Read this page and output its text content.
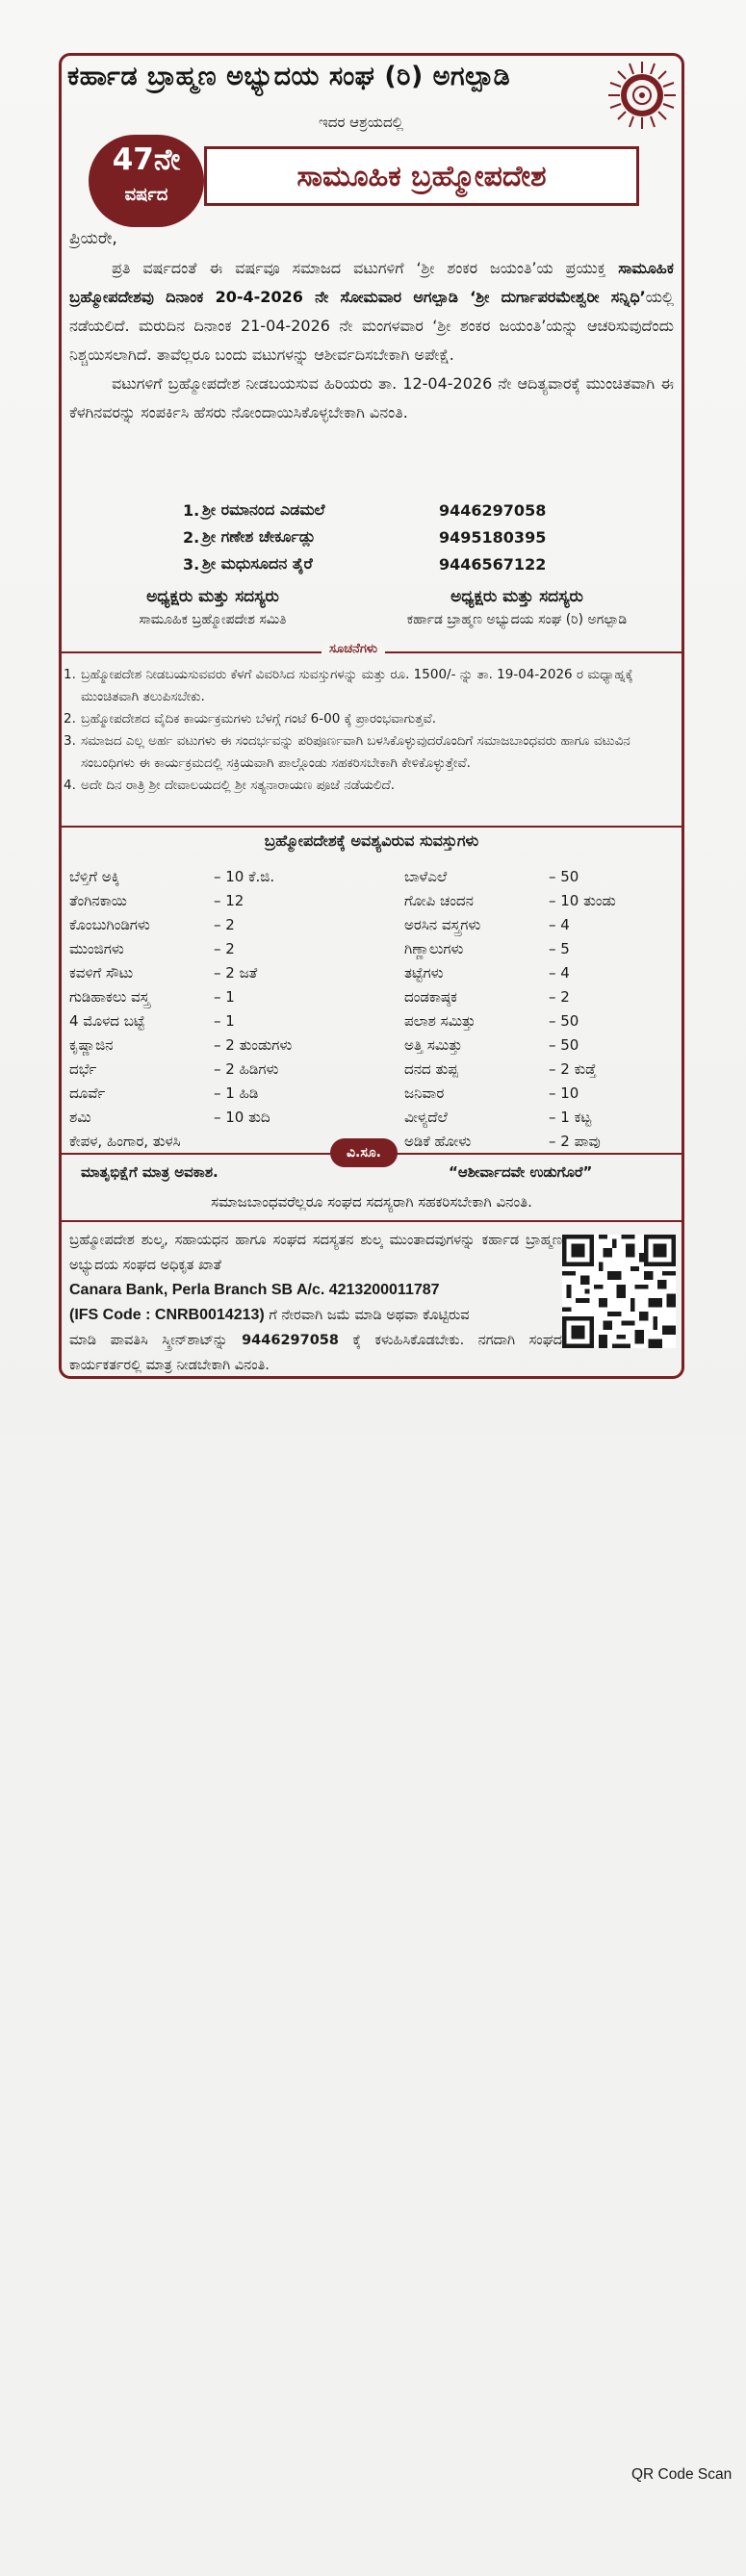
ಕರ್ಹಾಡ ಬ್ರಾಹ್ಮಣ ಅಭ್ಯುದಯ ಸಂಘ (ರಿ) ಅಗಲ್ಪಾಡಿ
ಇದರ ಆಶ್ರಯದಲ್ಲಿ
ಸಾಮೂಹಿಕ ಬ್ರಹ್ಮೋಪದೇಶ
47ನೇ
ವರ್ಷದ
ಪ್ರಿಯರೇ,

ಪ್ರತಿ ವರ್ಷದಂತೆ ಈ ವರ್ಷವೂ ಸಮಾಜದ ವಟುಗಳಿಗೆ ‘ಶ್ರೀ ಶಂಕರ ಜಯಂತಿ’ಯ ಪ್ರಯುಕ್ತ ಸಾಮೂಹಿಕ ಬ್ರಹ್ಮೋಪದೇಶವು ದಿನಾಂಕ 20-4-2026 ನೇ ಸೋಮವಾರ ಅಗಲ್ಪಾಡಿ ‘ಶ್ರೀ ದುರ್ಗಾಪರಮೇಶ್ವರೀ ಸನ್ನಿಧಿ’ಯಲ್ಲಿ ನಡೆಯಲಿದೆ. ಮರುದಿನ ದಿನಾಂಕ 21-04-2026 ನೇ ಮಂಗಳವಾರ ‘ಶ್ರೀ ಶಂಕರ ಜಯಂತಿ’ಯನ್ನು ಆಚರಿಸುವುದೆಂದು ನಿಶ್ಚಯಿಸಲಾಗಿದೆ. ತಾವೆಲ್ಲರೂ ಬಂದು ವಟುಗಳನ್ನು ಆಶೀರ್ವದಿಸಬೇಕಾಗಿ ಅಪೇಕ್ಷೆ.

ವಟುಗಳಿಗೆ ಬ್ರಹ್ಮೋಪದೇಶ ನೀಡಬಯಸುವ ಹಿರಿಯರು ತಾ. 12-04-2026 ನೇ ಆದಿತ್ಯವಾರಕ್ಕೆ ಮುಂಚಿತವಾಗಿ ಈ ಕೆಳಗಿನವರನ್ನು ಸಂಪರ್ಕಿಸಿ ಹೆಸರು ನೋಂದಾಯಿಸಿಕೊಳ್ಳಬೇಕಾಗಿ ವಿನಂತಿ.

1. ಶ್ರೀ ರಮಾನಂದ ಎಡಮಲೆ	9446297058
2. ಶ್ರೀ ಗಣೇಶ ಚೇರ್ಕೂಡ್ಲು	9495180395
3. ಶ್ರೀ ಮಧುಸೂದನ ತೈರೆ	9446567122
ಅಧ್ಯಕ್ಷರು ಮತ್ತು ಸದಸ್ಯರು
ಸಾಮೂಹಿಕ ಬ್ರಹ್ಮೋಪದೇಶ ಸಮಿತಿ
ಅಧ್ಯಕ್ಷರು ಮತ್ತು ಸದಸ್ಯರು
ಕರ್ಹಾಡ ಬ್ರಾಹ್ಮಣ ಅಭ್ಯುದಯ ಸಂಘ (ರಿ) ಅಗಲ್ಪಾಡಿ
ಸೂಚನೆಗಳು
1. ಬ್ರಹ್ಮೋಪದೇಶ ನೀಡಬಯಸುವವರು ಕೆಳಗೆ ವಿವರಿಸಿದ ಸುವಸ್ತುಗಳನ್ನು ಮತ್ತು ರೂ. 1500/- ನ್ನು ತಾ. 19-04-2026 ರ ಮಧ್ಯಾಹ್ನಕ್ಕೆ ಮುಂಚಿತವಾಗಿ ತಲುಪಿಸಬೇಕು.
2. ಬ್ರಹ್ಮೋಪದೇಶದ ವೈದಿಕ ಕಾರ್ಯಕ್ರಮಗಳು ಬೆಳಗ್ಗೆ ಗಂಟೆ 6-00 ಕ್ಕೆ ಪ್ರಾರಂಭವಾಗುತ್ತವೆ.
3. ಸಮಾಜದ ಎಲ್ಲ ಅರ್ಹ ವಟುಗಳು ಈ ಸಂದರ್ಭವನ್ನು ಪರಿಪೂರ್ಣವಾಗಿ ಬಳಸಿಕೊಳ್ಳುವುದರೊಂದಿಗೆ ಸಮಾಜಬಾಂಧವರು ಹಾಗೂ ವಟುವಿನ ಸಂಬಂಧಿಗಳು ಈ ಕಾರ್ಯಕ್ರಮದಲ್ಲಿ ಸಕ್ರಿಯವಾಗಿ ಪಾಲ್ಗೊಂಡು ಸಹಕರಿಸಬೇಕಾಗಿ ಕೇಳಿಕೊಳ್ಳುತ್ತೇವೆ.
4. ಅದೇ ದಿನ ರಾತ್ರಿ ಶ್ರೀ ದೇವಾಲಯದಲ್ಲಿ ಶ್ರೀ ಸತ್ಯನಾರಾಯಣ ಪೂಜೆ ನಡೆಯಲಿದೆ.
ಬ್ರಹ್ಮೋಪದೇಶಕ್ಕೆ ಅವಶ್ಯವಿರುವ ಸುವಸ್ತುಗಳು
ಬೆಳ್ತಿಗೆ ಅಕ್ಕಿ	– 10 ಕೆ.ಜಿ.
ತೆಂಗಿನಕಾಯಿ	– 12
ಕೊಂಬುಗಿಂಡಿಗಳು	– 2
ಮುಂಜಿಗಳು	– 2
ಕವಳಿಗೆ ಸೌಟು	– 2 ಜತೆ
ಗುಡಿಹಾಕಲು ವಸ್ತ್ರ	– 1
4 ಮೊಳದ ಬಟ್ಟೆ	– 1
ಕೃಷ್ಣಾಜಿನ	– 2 ತುಂಡುಗಳು
ದರ್ಭೆ	– 2 ಹಿಡಿಗಳು
ದೂರ್ವೆ	– 1 ಹಿಡಿ
ಶಮಿ	– 10 ತುದಿ
ಕೇಪಳ, ಹಿಂಗಾರ, ತುಳಸಿ
ಬಾಳೆಎಲೆ	– 50
ಗೋಪಿ ಚಂದನ	– 10 ತುಂಡು
ಅರಸಿನ ವಸ್ತ್ರಗಳು	– 4
ಗಿಣ್ಣಾಲುಗಳು	– 5
ತಟ್ಟೆಗಳು	– 4
ದಂಡಕಾಷ್ಠಕ	– 2
ಪಲಾಶ ಸಮಿತ್ತು	– 50
ಅತ್ತಿ ಸಮಿತ್ತು	– 50
ದನದ ತುಪ್ಪ	– 2 ಕುಡ್ತೆ
ಜನಿವಾರ	– 10
ವೀಳ್ಯದೆಲೆ	– 1 ಕಟ್ಟ
ಅಡಿಕೆ ಹೋಳು	– 2 ಪಾವು
ವಿ.ಸೂ.
ಮಾತೃಭಿಕ್ಷೆಗೆ ಮಾತ್ರ ಅವಕಾಶ.	“ಆಶೀರ್ವಾದವೇ ಉಡುಗೊರೆ”
ಸಮಾಜಬಾಂಧವರೆಲ್ಲರೂ ಸಂಘದ ಸದಸ್ಯರಾಗಿ ಸಹಕರಿಸಬೇಕಾಗಿ ವಿನಂತಿ.
ಬ್ರಹ್ಮೋಪದೇಶ ಶುಲ್ಕ, ಸಹಾಯಧನ ಹಾಗೂ ಸಂಘದ ಸದಸ್ಯತನ ಶುಲ್ಕ ಮುಂತಾದವುಗಳನ್ನು ಕರ್ಹಾಡ ಬ್ರಾಹ್ಮಣ ಅಭ್ಯುದಯ ಸಂಘದ ಅಧಿಕೃತ ಖಾತೆ
Canara Bank, Perla Branch SB A/c. 4213200011787
(IFS Code : CNRB0014213) ಗೆ ನೇರವಾಗಿ ಜಮೆ ಮಾಡಿ ಅಥವಾ ಕೊಟ್ಟಿರುವ

QR Code Scan
ಮಾಡಿ ಪಾವತಿಸಿ ಸ್ಕ್ರೀನ್‌ಶಾಟ್‌ನ್ನು 9446297058 ಕ್ಕೆ ಕಳುಹಿಸಿಕೊಡಬೇಕು. ನಗದಾಗಿ ಸಂಘದ ಕಾರ್ಯಕರ್ತರಲ್ಲಿ ಮಾತ್ರ ನೀಡಬೇಕಾಗಿ ವಿನಂತಿ.
